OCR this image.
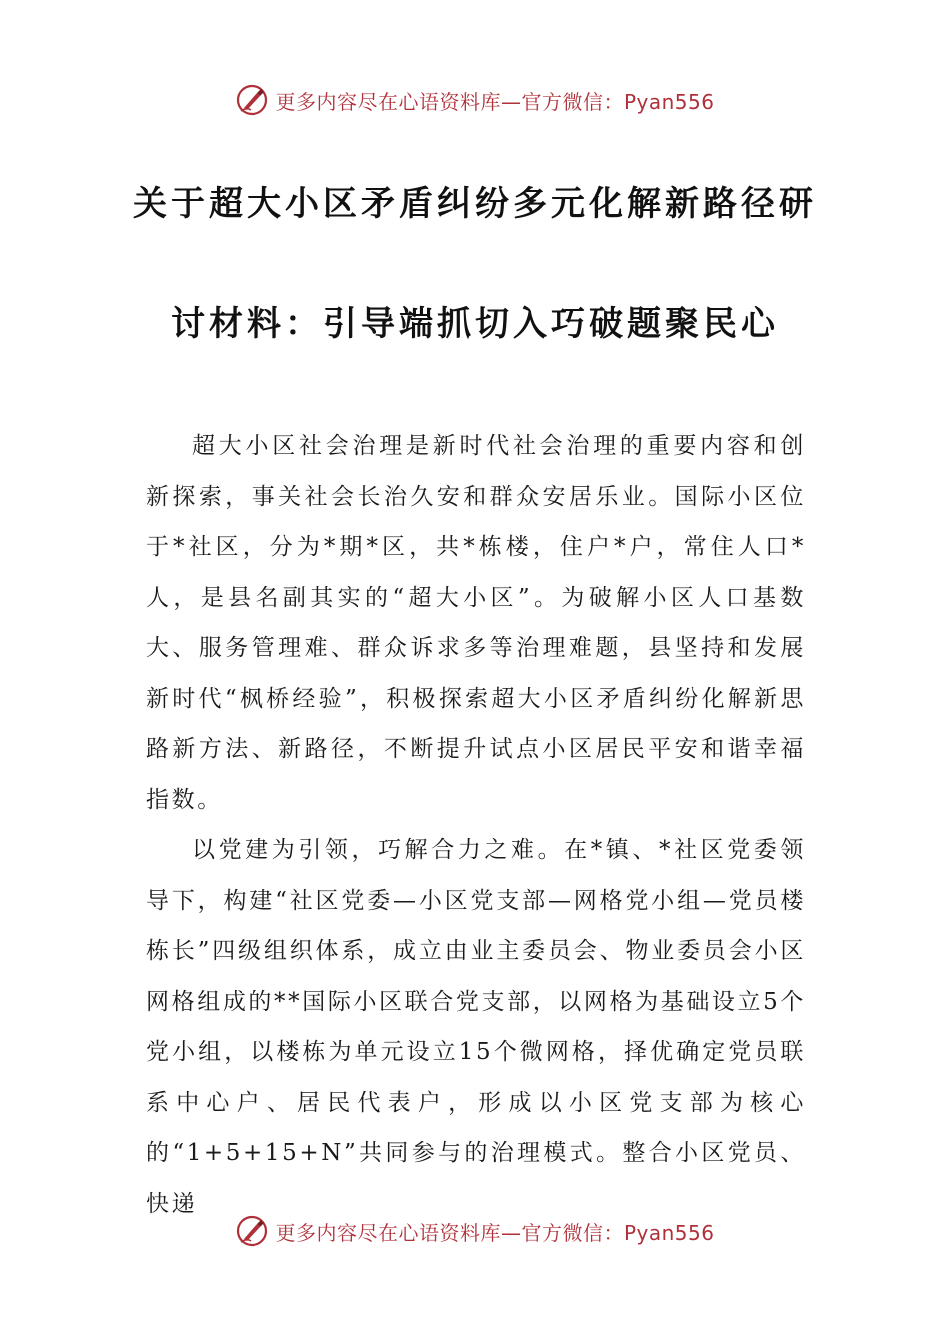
更多内容尽在心语资料库—官方微信：Pyan556
关于超大小区矛盾纠纷多元化解新路径研
讨材料：引导端抓切入巧破题聚民心

超大小区社会治理是新时代社会治理的重要内容和创新探索，事关社会长治久安和群众安居乐业。国际小区位于*社区，分为*期*区，共*栋楼，住户*户，常住人口*人，是县名副其实的“超大小区”。为破解小区人口基数大、服务管理难、群众诉求多等治理难题，县坚持和发展新时代“枫桥经验”，积极探索超大小区矛盾纠纷化解新思路新方法、新路径，不断提升试点小区居民平安和谐幸福指数。

以党建为引领，巧解合力之难。在*镇、*社区党委领导下，构建“社区党委—小区党支部—网格党小组—党员楼栋长”四级组织体系，成立由业主委员会、物业委员会小区网格组成的**国际小区联合党支部，以网格为基础设立5个党小组，以楼栋为单元设立15个微网格，择优确定党员联系中心户、居民代表户，形成以小区党支部为核心的“1+5+15+N”共同参与的治理模式。整合小区党员、快递

更多内容尽在心语资料库—官方微信：Pyan556
